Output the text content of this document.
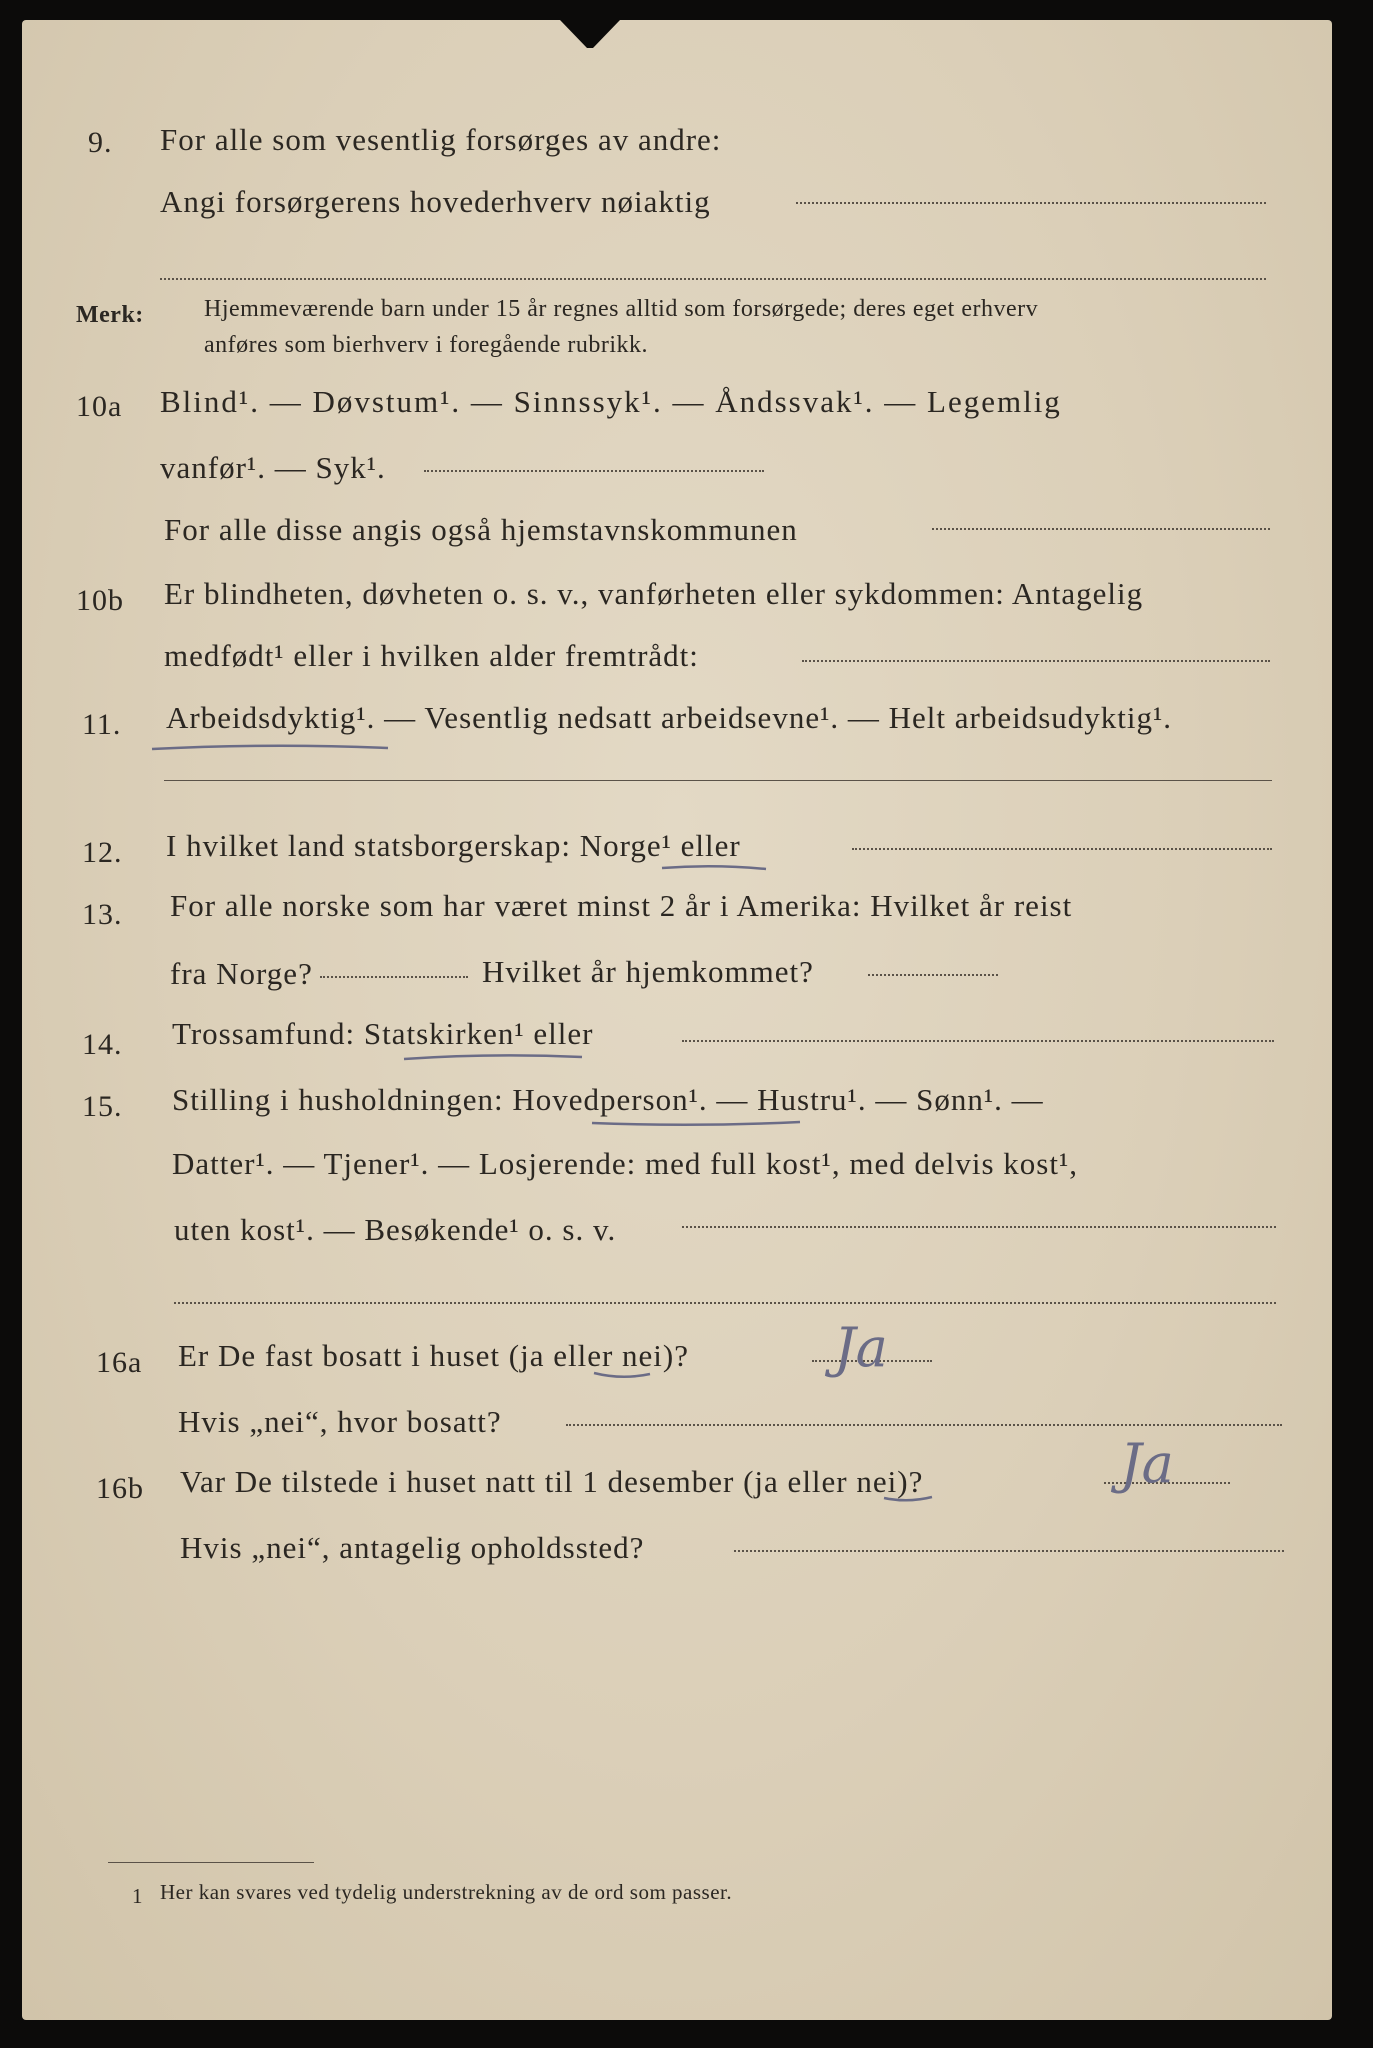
9. For alle som vesentlig forsørges av andre:
Angi forsørgerens hovederhverv nøiaktig
Merk:	Hjemmeværende barn under 15 år regnes alltid som forsørgede; deres eget erhverv
anføres som bierhverv i foregående rubrikk.
10a Blind¹. — Døvstum¹. — Sinnssyk¹. — Åndssvak¹. — Legemlig
vanfør¹. — Syk¹.
For alle disse angis også hjemstavnskommunen
10b Er blindheten, døvheten o. s. v., vanførheten eller sykdommen: Antagelig
medfødt¹ eller i hvilken alder fremtrådt:
11. Arbeidsdyktig¹. — Vesentlig nedsatt arbeidsevne¹. — Helt arbeidsudyktig¹.
12. I hvilket land statsborgerskap: Norge¹ eller
13. For alle norske som har været minst 2 år i Amerika: Hvilket år reist
fra Norge?	Hvilket år hjemkommet?
14. Trossamfund: Statskirken¹ eller
15. Stilling i husholdningen: Hovedperson¹. — Hustru¹. — Sønn¹. —
Datter¹. — Tjener¹. — Losjerende: med full kost¹, med delvis kost¹,
uten kost¹. — Besøkende¹ o. s. v.
16a Er De fast bosatt i huset (ja eller nei)?	Ja
Hvis „nei“, hvor bosatt?
16b Var De tilstede i huset natt til 1 desember (ja eller nei)?	Ja
Hvis „nei“, antagelig opholdssted?
1 Her kan svares ved tydelig understrekning av de ord som passer.
